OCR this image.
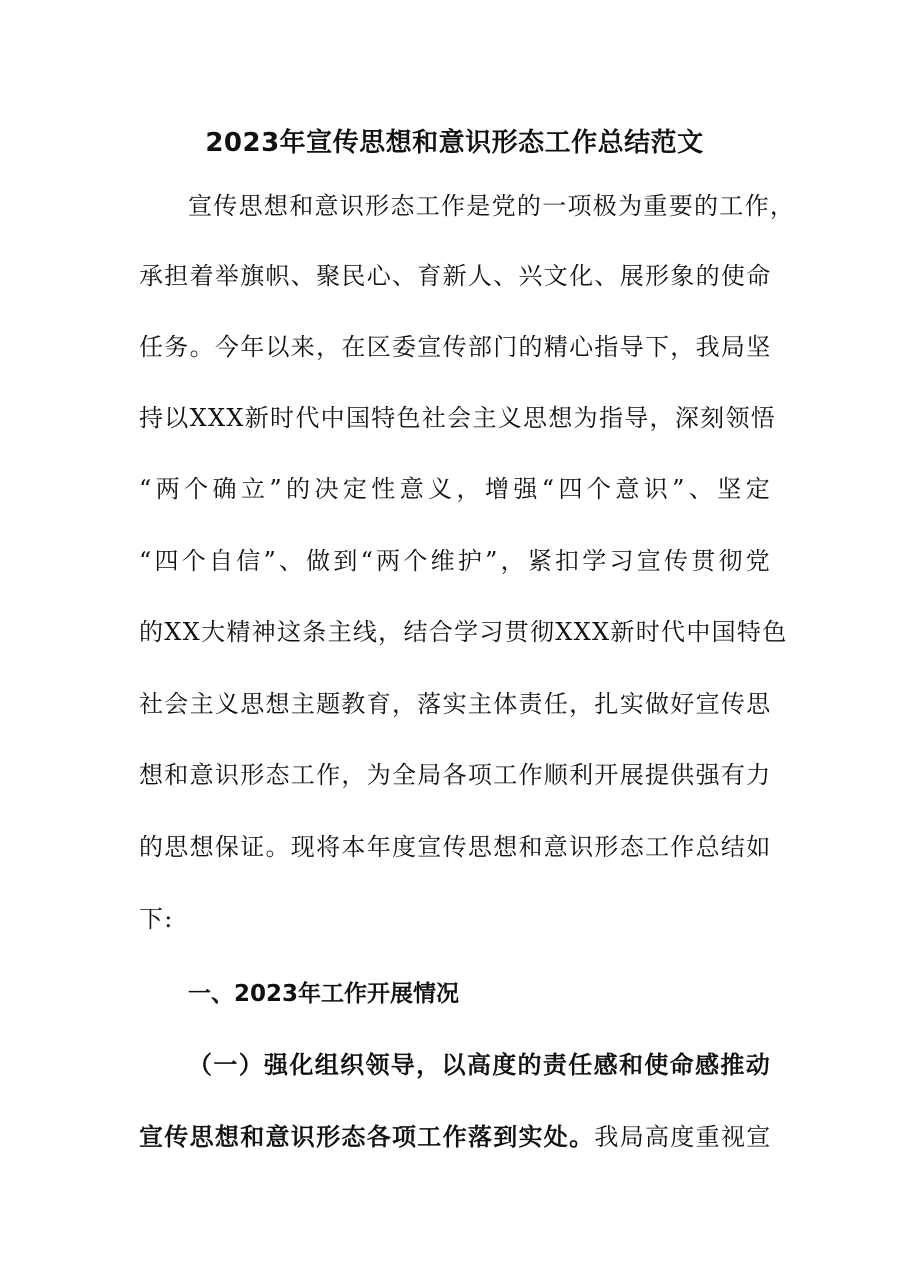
2023年宣传思想和意识形态工作总结范文
宣传思想和意识形态工作是党的一项极为重要的工作，
承担着举旗帜、聚民心、育新人、兴文化、展形象的使命
任务。今年以来，在区委宣传部门的精心指导下，我局坚
持以XXX新时代中国特色社会主义思想为指导，深刻领悟
“两个确立”的决定性意义，增强“四个意识”、坚定
“四个自信”、做到“两个维护”，紧扣学习宣传贯彻党
的XX大精神这条主线，结合学习贯彻XXX新时代中国特色
社会主义思想主题教育，落实主体责任，扎实做好宣传思
想和意识形态工作，为全局各项工作顺利开展提供强有力
的思想保证。现将本年度宣传思想和意识形态工作总结如
下:
一、2023年工作开展情况
（一）强化组织领导，以高度的责任感和使命感推动
宣传思想和意识形态各项工作落到实处。我局高度重视宣
